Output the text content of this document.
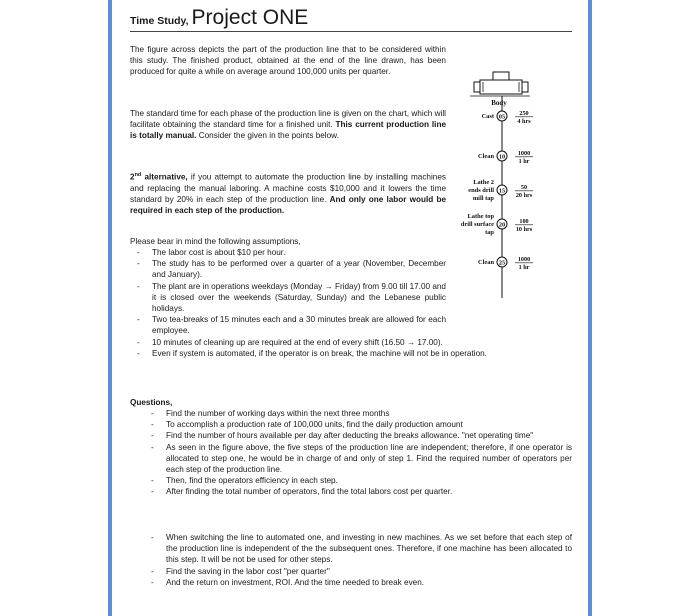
Time Study, Project ONE

The figure across depicts the part of the production line that to be considered within this study. The finished product, obtained at the end of the line drawn, has been produced for quite a while on average around 100,000 units per quarter.

The standard time for each phase of the production line is given on the chart, which will facilitate obtaining the standard time for a finished unit. This current production line is totally manual. Consider the given in the points below.

2nd alternative, if you attempt to automate the production line by installing machines and replacing the manual laboring. A machine costs $10,000 and it lowers the time standard by 20% in each step of the production line. And only one labor would be required in each step of the production.

Please bear in mind the following assumptions,

- The labor cost is about $10 per hour.
- The study has to be performed over a quarter of a year (November, December and January).
- The plant are in operations weekdays (Monday → Friday) from 9.00 till 17.00 and it is closed over the weekends (Saturday, Sunday) and the Lebanese public holidays.
- Two tea-breaks of 15 minutes each and a 30 minutes break are allowed for each employee.
- 10 minutes of cleaning up are required at the end of every shift (16.50 → 17.00).
- Even if system is automated, if the operator is on break, the machine will not be in operation.

Questions,

- Find the number of working days within the next three months
- To accomplish a production rate of 100,000 units, find the daily production amount
- Find the number of hours available per day after deducting the breaks allowance. "net operating time"
- As seen in the figure above, the five steps of the production line are independent; therefore, if one operator is allocated to step one, he would be in charge of and only of step 1. Find the required number of operators per each step of the production line.
- Then, find the operators efficiency in each step.
- After finding the total number of operators, find the total labors cost per quarter.
- When switching the line to automated one, and investing in new machines. As we set before that each step of the production line is independent of the the subsequent ones. Therefore, if one machine has been allocated to this step. It will be not be used for other steps.
- Find the saving in the labor cost "per quarter"
- And the return on investment, ROI. And the time needed to break even.
Body
05
Cast	250
4 hrs
10
Clean	1000
1 hr
15
Lathe 2
ends drill
mill tap
50
20 hrs
20
Lathe top
drill surface
tap
100
10 hrs
25
Clean	1000
1 hr
